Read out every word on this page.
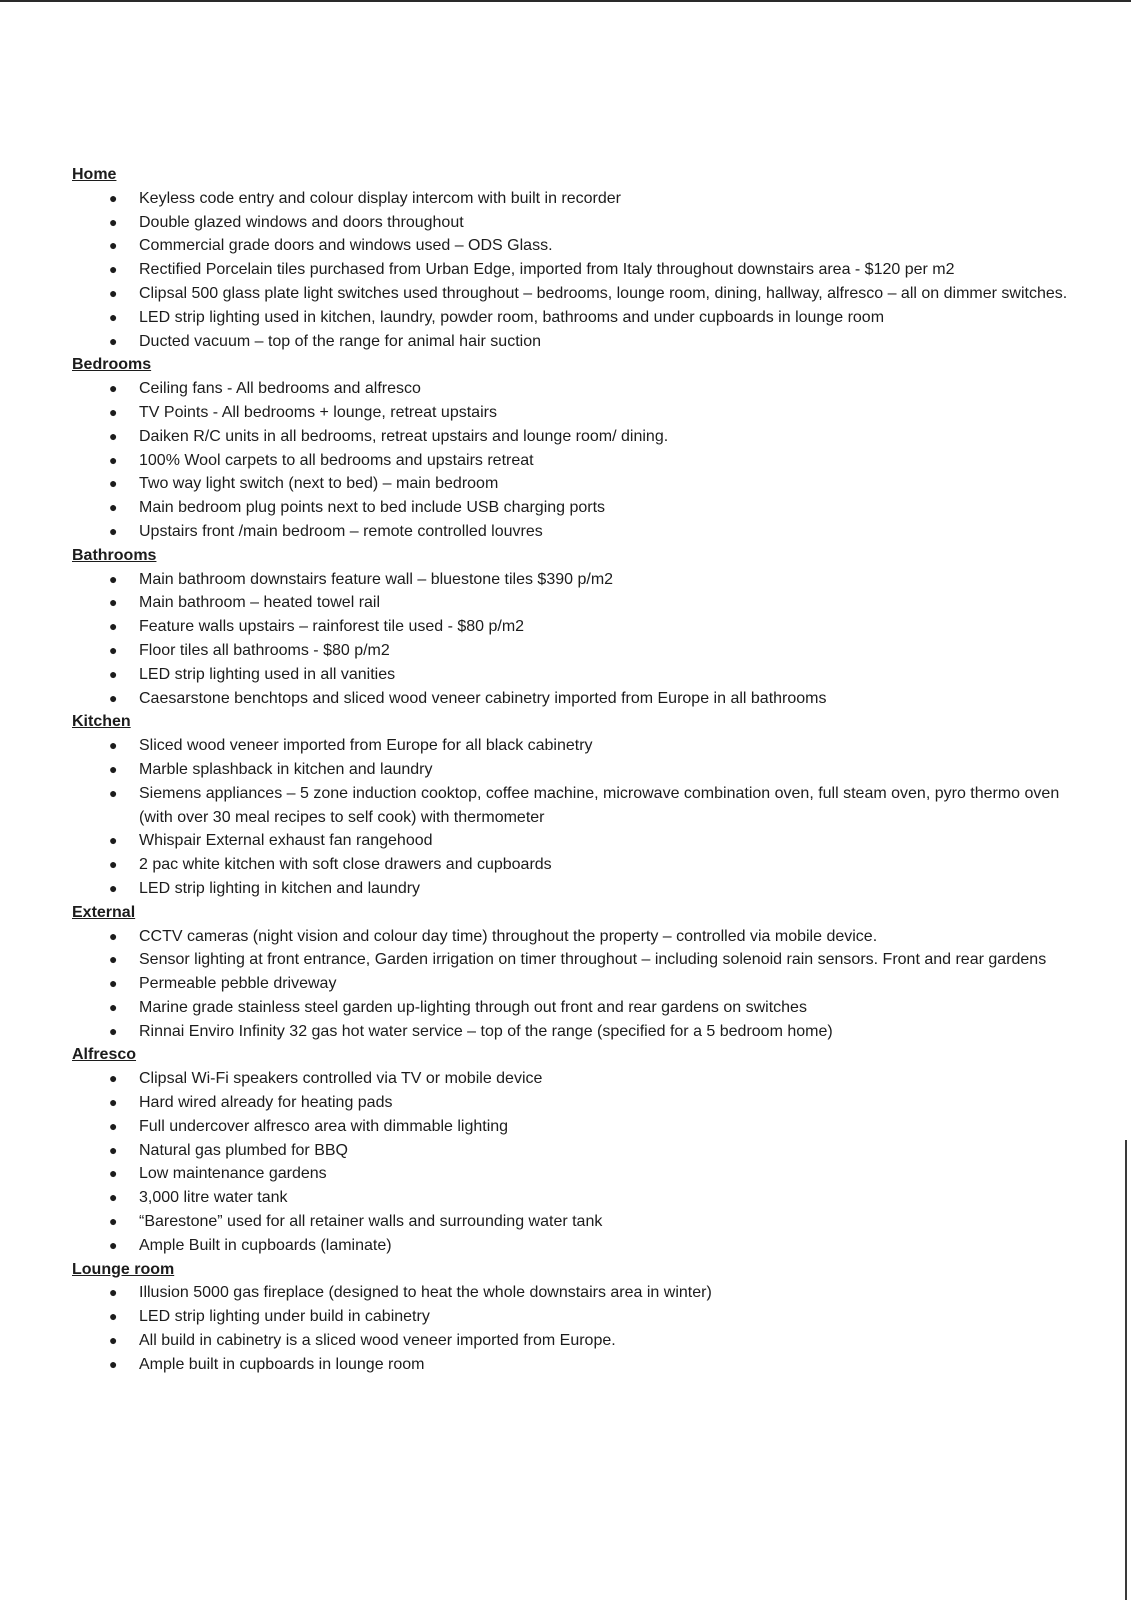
Home
● Keyless code entry and colour display intercom with built in recorder
● Double glazed windows and doors throughout
● Commercial grade doors and windows used – ODS Glass.
● Rectified Porcelain tiles purchased from Urban Edge, imported from Italy throughout downstairs area - $120 per m2
● Clipsal 500 glass plate light switches used throughout – bedrooms, lounge room, dining, hallway, alfresco – all on dimmer switches.
● LED strip lighting used in kitchen, laundry, powder room, bathrooms and under cupboards in lounge room
● Ducted vacuum – top of the range for animal hair suction
Bedrooms
● Ceiling fans - All bedrooms and alfresco
● TV Points - All bedrooms + lounge, retreat upstairs
● Daiken R/C units in all bedrooms, retreat upstairs and lounge room/ dining.
● 100% Wool carpets to all bedrooms and upstairs retreat
● Two way light switch (next to bed) – main bedroom
● Main bedroom plug points next to bed include USB charging ports
● Upstairs front /main bedroom – remote controlled louvres
Bathrooms
● Main bathroom downstairs feature wall – bluestone tiles $390 p/m2
● Main bathroom – heated towel rail
● Feature walls upstairs – rainforest tile used - $80 p/m2
● Floor tiles all bathrooms - $80 p/m2
● LED strip lighting used in all vanities
● Caesarstone benchtops and sliced wood veneer cabinetry imported from Europe in all bathrooms
Kitchen
● Sliced wood veneer imported from Europe for all black cabinetry
● Marble splashback in kitchen and laundry
● Siemens appliances – 5 zone induction cooktop, coffee machine, microwave combination oven, full steam oven, pyro thermo oven (with over 30 meal recipes to self cook) with thermometer
● Whispair External exhaust fan rangehood
● 2 pac white kitchen with soft close drawers and cupboards
● LED strip lighting in kitchen and laundry
External
● CCTV cameras (night vision and colour day time) throughout the property – controlled via mobile device.
● Sensor lighting at front entrance, Garden irrigation on timer throughout – including solenoid rain sensors. Front and rear gardens
● Permeable pebble driveway
● Marine grade stainless steel garden up-lighting through out front and rear gardens on switches
● Rinnai Enviro Infinity 32 gas hot water service – top of the range (specified for a 5 bedroom home)
Alfresco
● Clipsal Wi-Fi speakers controlled via TV or mobile device
● Hard wired already for heating pads
● Full undercover alfresco area with dimmable lighting
● Natural gas plumbed for BBQ
● Low maintenance gardens
● 3,000 litre water tank
● “Barestone” used for all retainer walls and surrounding water tank
● Ample Built in cupboards (laminate)
Lounge room
● Illusion 5000 gas fireplace (designed to heat the whole downstairs area in winter)
● LED strip lighting under build in cabinetry
● All build in cabinetry is a sliced wood veneer imported from Europe.
● Ample built in cupboards in lounge room
